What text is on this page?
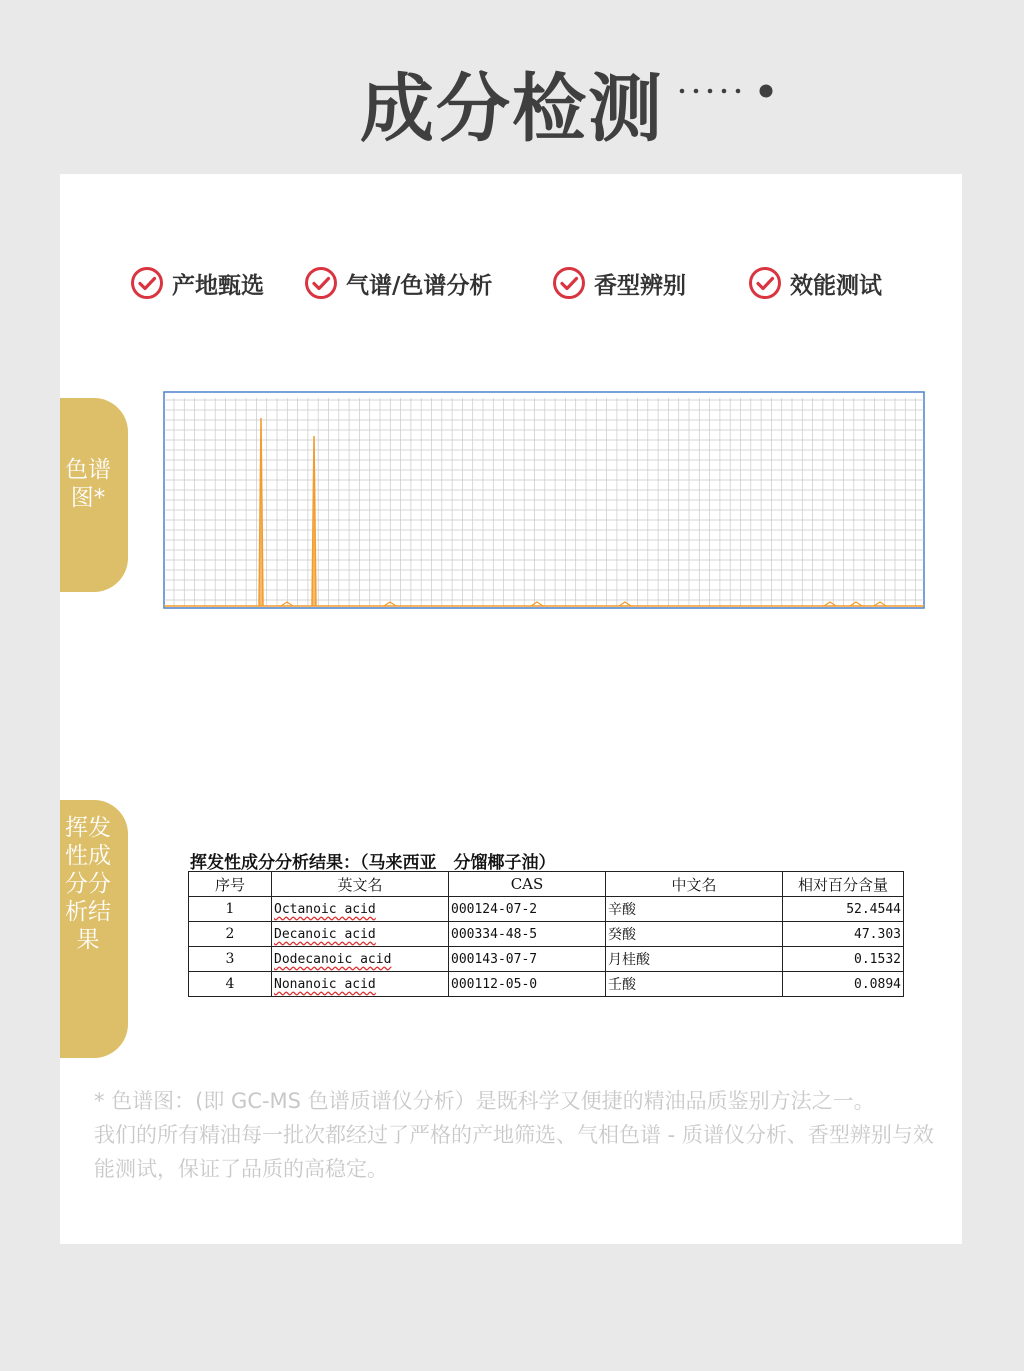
成分检测
产地甄选	气谱/色谱分析	香型辨别	效能测试
色谱图*
挥发性成分分析结果
挥发性成分分析结果：（马来西亚　分馏椰子油）
序号	英文名	CAS	中文名	相对百分含量
1	Octanoic acid	000124-07-2	辛酸	52.4544
2	Decanoic acid	000334-48-5	癸酸	47.303
3	Dodecanoic acid	000143-07-7	月桂酸	0.1532
4	Nonanoic acid	000112-05-0	壬酸	0.0894

* 色谱图：(即 GC-MS 色谱质谱仪分析）是既科学又便捷的精油品质鉴别方法之一。

我们的所有精油每一批次都经过了严格的产地筛选、气相色谱 - 质谱仪分析、香型辨别与效能测试，保证了品质的高稳定。
